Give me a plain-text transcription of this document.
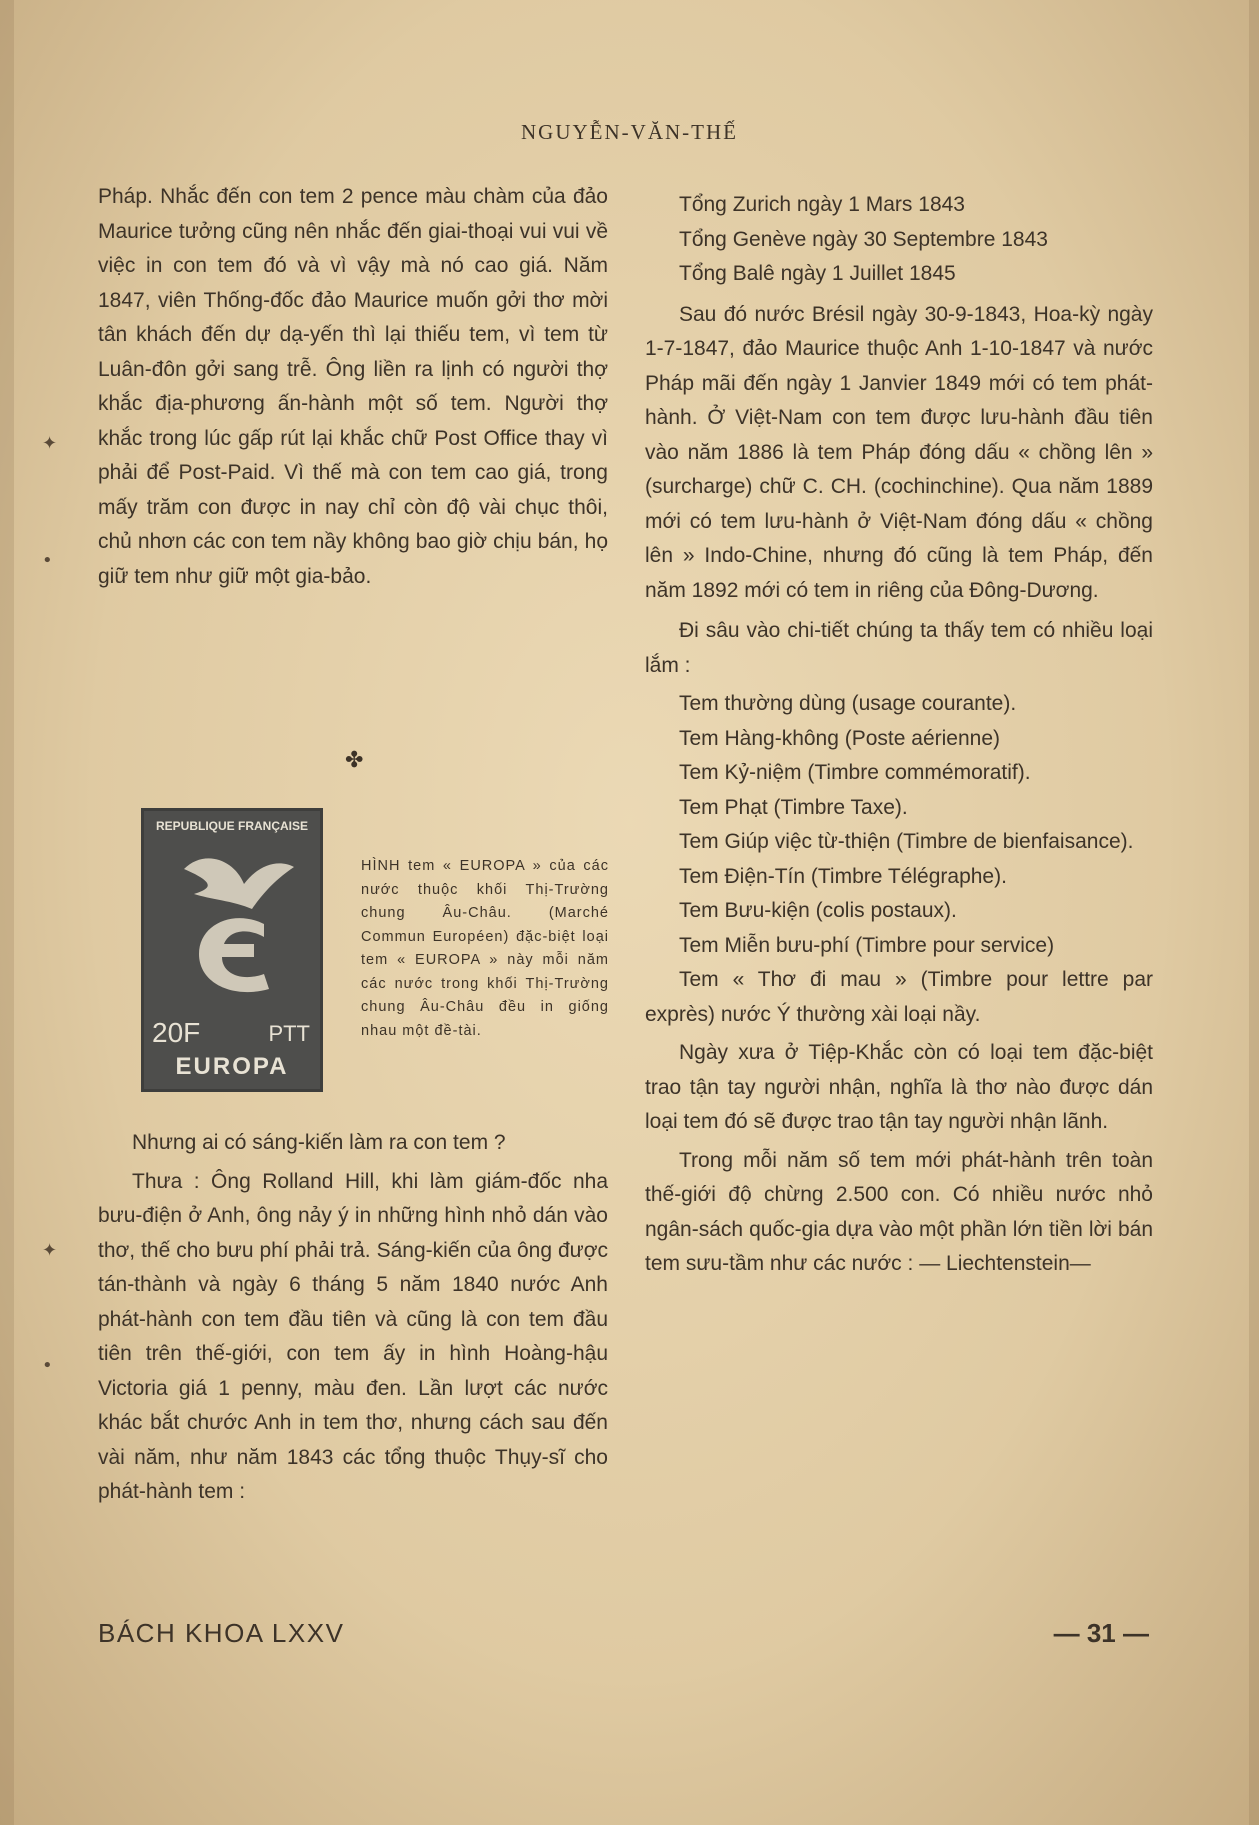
✦
•
✦
•
NGUYỄN-VĂN-THẾ

Pháp. Nhắc đến con tem 2 pence màu chàm của đảo Maurice tưởng cũng nên nhắc đến giai-thoại vui vui về việc in con tem đó và vì vậy mà nó cao giá. Năm 1847, viên Thống-đốc đảo Maurice muốn gởi thơ mời tân khách đến dự dạ-yến thì lại thiếu tem, vì tem từ Luân-đôn gởi sang trễ. Ông liền ra lịnh có người thợ khắc địa-phương ấn-hành một số tem. Người thợ khắc trong lúc gấp rút lại khắc chữ Post Office thay vì phải để Post-Paid. Vì thế mà con tem cao giá, trong mấy trăm con được in nay chỉ còn độ vài chục thôi, chủ nhơn các con tem nầy không bao giờ chịu bán, họ giữ tem như giữ một gia-bảo.

✤
REPUBLIQUE FRANÇAISE
20F	PTT
EUROPA
HÌNH tem « EUROPA » của các nước thuộc khối Thị-Trường chung Âu-Châu. (Marché Commun Européen) đặc-biệt loại tem « EUROPA » này mỗi năm các nước trong khối Thị-Trường chung Âu-Châu đều in giống nhau một đề-tài.

Nhưng ai có sáng-kiến làm ra con tem ?

Thưa : Ông Rolland Hill, khi làm giám-đốc nha bưu-điện ở Anh, ông nảy ý in những hình nhỏ dán vào thơ, thế cho bưu phí phải trả. Sáng-kiến của ông được tán-thành và ngày 6 tháng 5 năm 1840 nước Anh phát-hành con tem đầu tiên và cũng là con tem đầu tiên trên thế-giới, con tem ấy in hình Hoàng-hậu Victoria giá 1 penny, màu đen. Lần lượt các nước khác bắt chước Anh in tem thơ, nhưng cách sau đến vài năm, như năm 1843 các tổng thuộc Thụy-sĩ cho phát-hành tem :

Tổng Zurich ngày 1 Mars 1843
Tổng Genève ngày 30 Septembre 1843
Tổng Balê ngày 1 Juillet 1845

Sau đó nước Brésil ngày 30-9-1843, Hoa-kỳ ngày 1-7-1847, đảo Maurice thuộc Anh 1-10-1847 và nước Pháp mãi đến ngày 1 Janvier 1849 mới có tem phát-hành. Ở Việt-Nam con tem được lưu-hành đầu tiên vào năm 1886 là tem Pháp đóng dấu « chồng lên » (surcharge) chữ C. CH. (cochinchine). Qua năm 1889 mới có tem lưu-hành ở Việt-Nam đóng dấu « chồng lên » Indo-Chine, nhưng đó cũng là tem Pháp, đến năm 1892 mới có tem in riêng của Đông-Dương.

Đi sâu vào chi-tiết chúng ta thấy tem có nhiều loại lắm :

Tem thường dùng (usage courante).

Tem Hàng-không (Poste aérienne)

Tem Kỷ-niệm (Timbre commémoratif).

Tem Phạt (Timbre Taxe).

Tem Giúp việc từ-thiện (Timbre de bienfaisance).

Tem Điện-Tín (Timbre Télégraphe).

Tem Bưu-kiện (colis postaux).

Tem Miễn bưu-phí (Timbre pour service)

Tem « Thơ đi mau » (Timbre pour lettre par exprès) nước Ý thường xài loại nầy.

Ngày xưa ở Tiệp-Khắc còn có loại tem đặc-biệt trao tận tay người nhận, nghĩa là thơ nào được dán loại tem đó sẽ được trao tận tay người nhận lãnh.

Trong mỗi năm số tem mới phát-hành trên toàn thế-giới độ chừng 2.500 con. Có nhiều nước nhỏ ngân-sách quốc-gia dựa vào một phần lớn tiền lời bán tem sưu-tầm như các nước : — Liechtenstein—

BÁCH KHOA LXXV	— 31 —
